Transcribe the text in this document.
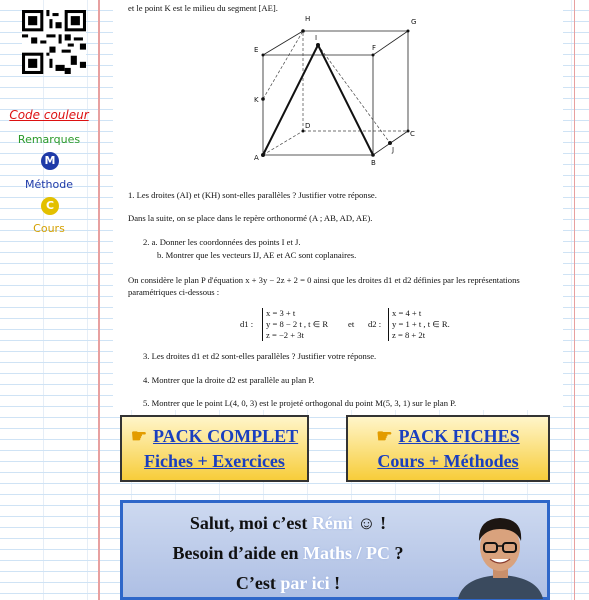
Code couleur
Remarques
M
Méthode
C
Cours

et le point K est le milieu du segment [AE].

1. Les droites (AI) et (KH) sont-elles parallèles ? Justifier votre réponse.

Dans la suite, on se place dans le repère orthonormé (A ; AB, AD, AE).

2. a. Donner les coordonnées des points I et J.

b. Montrer que les vecteurs IJ, AE et AC sont coplanaires.

On considère le plan P d'équation x + 3y − 2z + 2 = 0 ainsi que les droites d1 et d2 définies par les représentations

paramétriques ci-dessous :

d1 :

x = 3 + t
y = 8 − 2 t , t ∈ R
z = −2 + 3t

et d2 :

x = 4 + t
y = 1 + t , t ∈ R.
z = 8 + 2t

3. Les droites d1 et d2 sont-elles parallèles ? Justifier votre réponse.

4. Montrer que la droite d2 est parallèle au plan P.

5. Montrer que le point L(4, 0, 3) est le projeté orthogonal du point M(5, 3, 1) sur le plan P.

H	G
E
I
F
K
D
C
A
J
B
☛ PACK COMPLET
Fiches + Exercices
☛ PACK FICHES
Cours + Méthodes
Salut, moi c’est Rémi ☺ !
Besoin d’aide en Maths / PC ?
C’est par ici !
